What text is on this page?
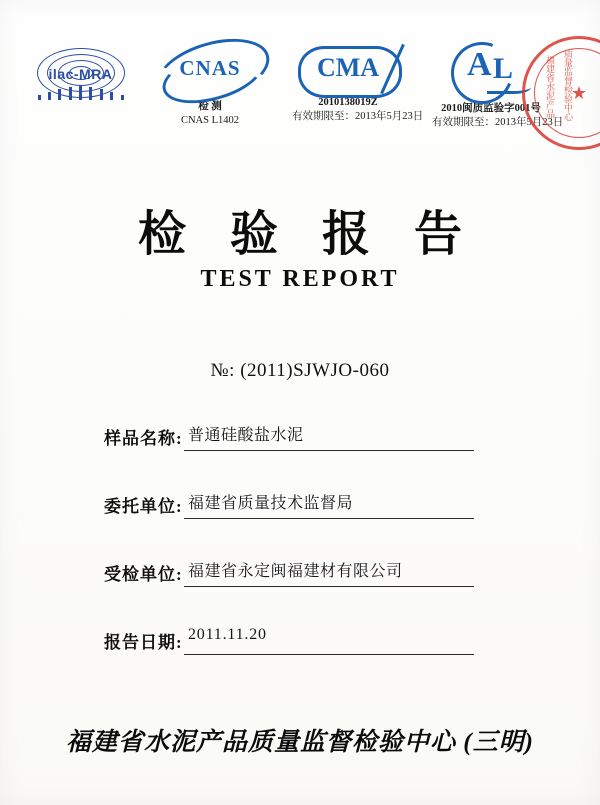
ilac-MRA	CNAS
检 测
CNAS L1402
CMA
2010138019Z
有效期限至：2013年5月23日
A L
2010闽质监验字001号
有效期限至：2013年5月23日
★
福建省水泥产品 质量监督检验中心
检 验 报 告
TEST REPORT
№: (2011)SJWJO-060
样品名称: 普通硅酸盐水泥
委托单位: 福建省质量技术监督局
受检单位: 福建省永定闽福建材有限公司
报告日期: 2011.11.20
福建省水泥产品质量监督检验中心 (三明)
